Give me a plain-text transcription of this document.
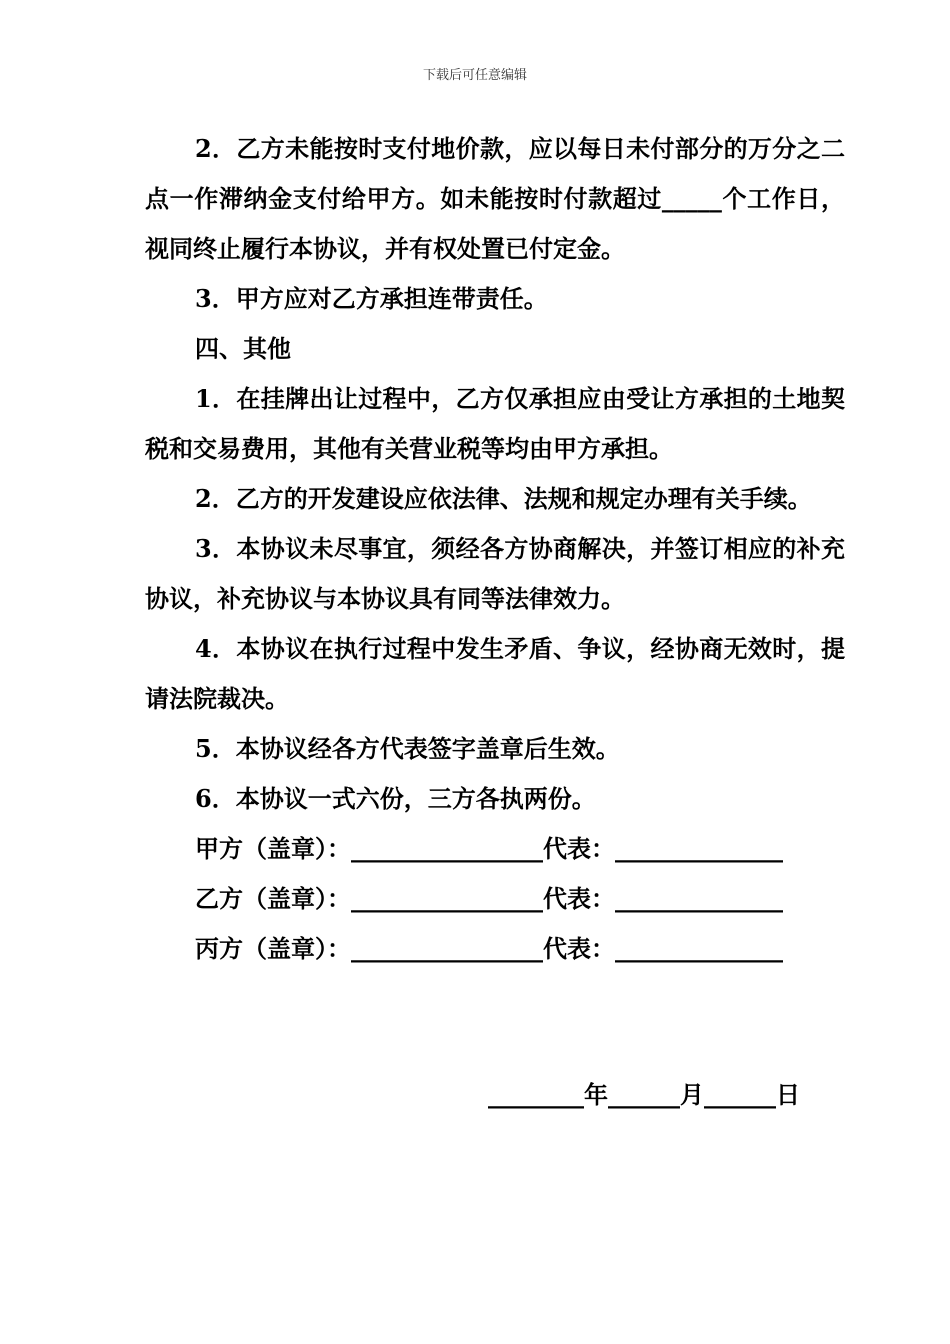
下载后可任意编辑

2．乙方未能按时支付地价款，应以每日未付部分的万分之二点一作滞纳金支付给甲方。如未能按时付款超过_____个工作日，视同终止履行本协议，并有权处置已付定金。

3．甲方应对乙方承担连带责任。

四、其他

1．在挂牌出让过程中，乙方仅承担应由受让方承担的土地契税和交易费用，其他有关营业税等均由甲方承担。

2．乙方的开发建设应依法律、法规和规定办理有关手续。

3．本协议未尽事宜，须经各方协商解决，并签订相应的补充协议，补充协议与本协议具有同等法律效力。

4．本协议在执行过程中发生矛盾、争议，经协商无效时，提请法院裁决。

5．本协议经各方代表签字盖章后生效。

6．本协议一式六份，三方各执两份。

甲方（盖章）：________________代表：______________
乙方（盖章）：________________代表：______________
丙方（盖章）：________________代表：______________
________年______月______日
